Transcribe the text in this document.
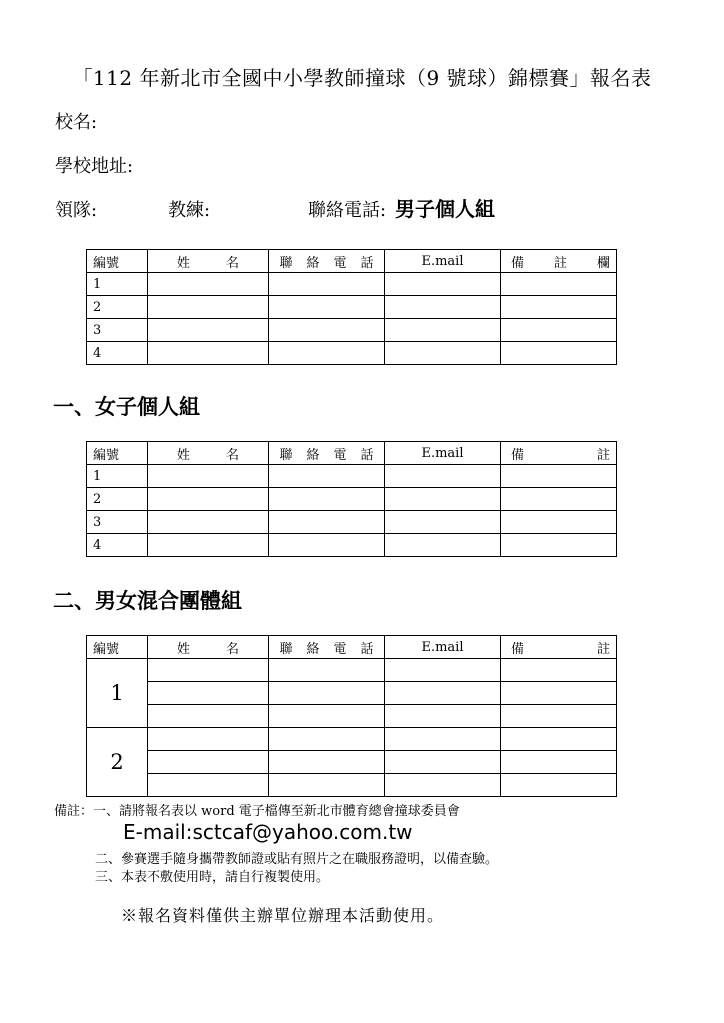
「112 年新北市全國中小學教師撞球（9 號球）錦標賽」報名表
校名:
學校地址:
領隊:	教練:	聯絡電話: 男子個人組
編號	姓 名	聯 絡 電 話	E.mail	備 註 欄

1				
2				
3				
4				
一、女子個人組
編號	姓 名	聯 絡 電 話	E.mail	備 註

1				
2				
3				
4				
二、男女混合團體組
編號	姓 名	聯 絡 電 話	E.mail	備 註

1				

2				

備註：一、請將報名表以 word 電子檔傳至新北市體育總會撞球委員會
E-mail:sctcaf@yahoo.com.tw
二、參賽選手隨身攜帶教師證或貼有照片之在職服務證明，以備查驗。
三、本表不敷使用時，請自行複製使用。
※報名資料僅供主辦單位辦理本活動使用。
